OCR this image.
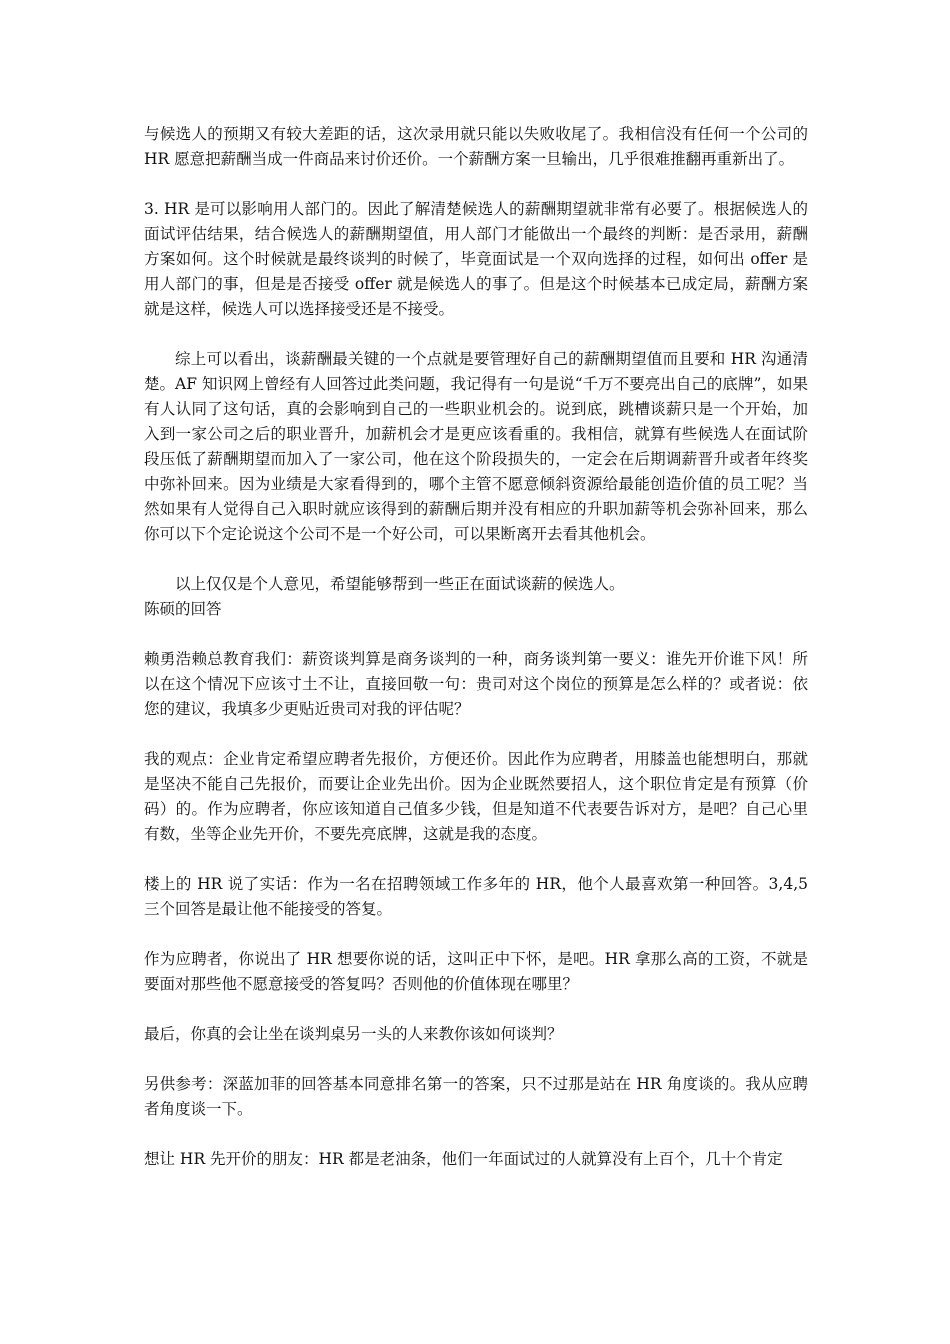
与候选人的预期又有较大差距的话，这次录用就只能以失败收尾了。我相信没有任何一个公司的 HR 愿意把薪酬当成一件商品来讨价还价。一个薪酬方案一旦输出，几乎很难推翻再重新出了。

3. HR 是可以影响用人部门的。因此了解清楚候选人的薪酬期望就非常有必要了。根据候选人的面试评估结果，结合候选人的薪酬期望值，用人部门才能做出一个最终的判断：是否录用，薪酬方案如何。这个时候就是最终谈判的时候了，毕竟面试是一个双向选择的过程，如何出 offer 是用人部门的事，但是是否接受 offer 就是候选人的事了。但是这个时候基本已成定局，薪酬方案就是这样，候选人可以选择接受还是不接受。

综上可以看出，谈薪酬最关键的一个点就是要管理好自己的薪酬期望值而且要和 HR 沟通清楚。AF 知识网上曾经有人回答过此类问题，我记得有一句是说“千万不要亮出自己的底牌”，如果有人认同了这句话，真的会影响到自己的一些职业机会的。说到底，跳槽谈薪只是一个开始，加入到一家公司之后的职业晋升，加薪机会才是更应该看重的。我相信，就算有些候选人在面试阶段压低了薪酬期望而加入了一家公司，他在这个阶段损失的，一定会在后期调薪晋升或者年终奖中弥补回来。因为业绩是大家看得到的，哪个主管不愿意倾斜资源给最能创造价值的员工呢？当然如果有人觉得自己入职时就应该得到的薪酬后期并没有相应的升职加薪等机会弥补回来，那么你可以下个定论说这个公司不是一个好公司，可以果断离开去看其他机会。

以上仅仅是个人意见，希望能够帮到一些正在面试谈薪的候选人。

陈硕的回答

赖勇浩赖总教育我们：薪资谈判算是商务谈判的一种，商务谈判第一要义：谁先开价谁下风！所以在这个情况下应该寸土不让，直接回敬一句：贵司对这个岗位的预算是怎么样的？或者说：依您的建议，我填多少更贴近贵司对我的评估呢？

我的观点：企业肯定希望应聘者先报价，方便还价。因此作为应聘者，用膝盖也能想明白，那就是坚决不能自己先报价，而要让企业先出价。因为企业既然要招人，这个职位肯定是有预算（价码）的。作为应聘者，你应该知道自己值多少钱，但是知道不代表要告诉对方，是吧？自己心里有数，坐等企业先开价，不要先亮底牌，这就是我的态度。

楼上的 HR 说了实话：作为一名在招聘领域工作多年的 HR，他个人最喜欢第一种回答。3,4,5 三个回答是最让他不能接受的答复。

作为应聘者，你说出了 HR 想要你说的话，这叫正中下怀，是吧。HR 拿那么高的工资，不就是要面对那些他不愿意接受的答复吗？否则他的价值体现在哪里？

最后，你真的会让坐在谈判桌另一头的人来教你该如何谈判？

另供参考：深蓝加菲的回答基本同意排名第一的答案，只不过那是站在 HR 角度谈的。我从应聘者角度谈一下。

想让 HR 先开价的朋友：HR 都是老油条，他们一年面试过的人就算没有上百个，几十个肯定
